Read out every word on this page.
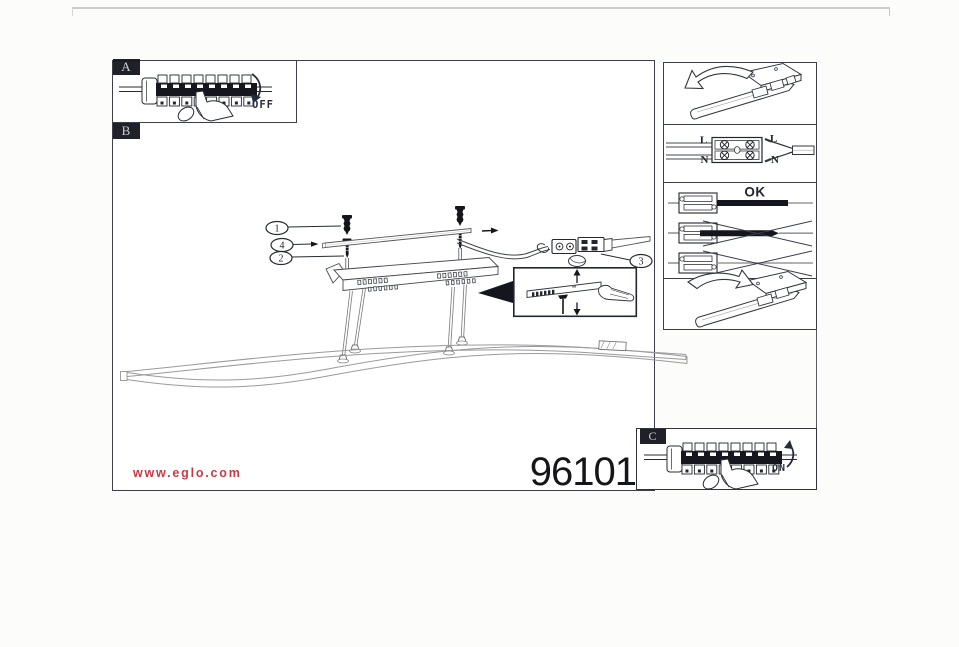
1
4
2	3
L
N
L
N
OK
A
B
C
OFF
ON
www.eglo.com	96101
